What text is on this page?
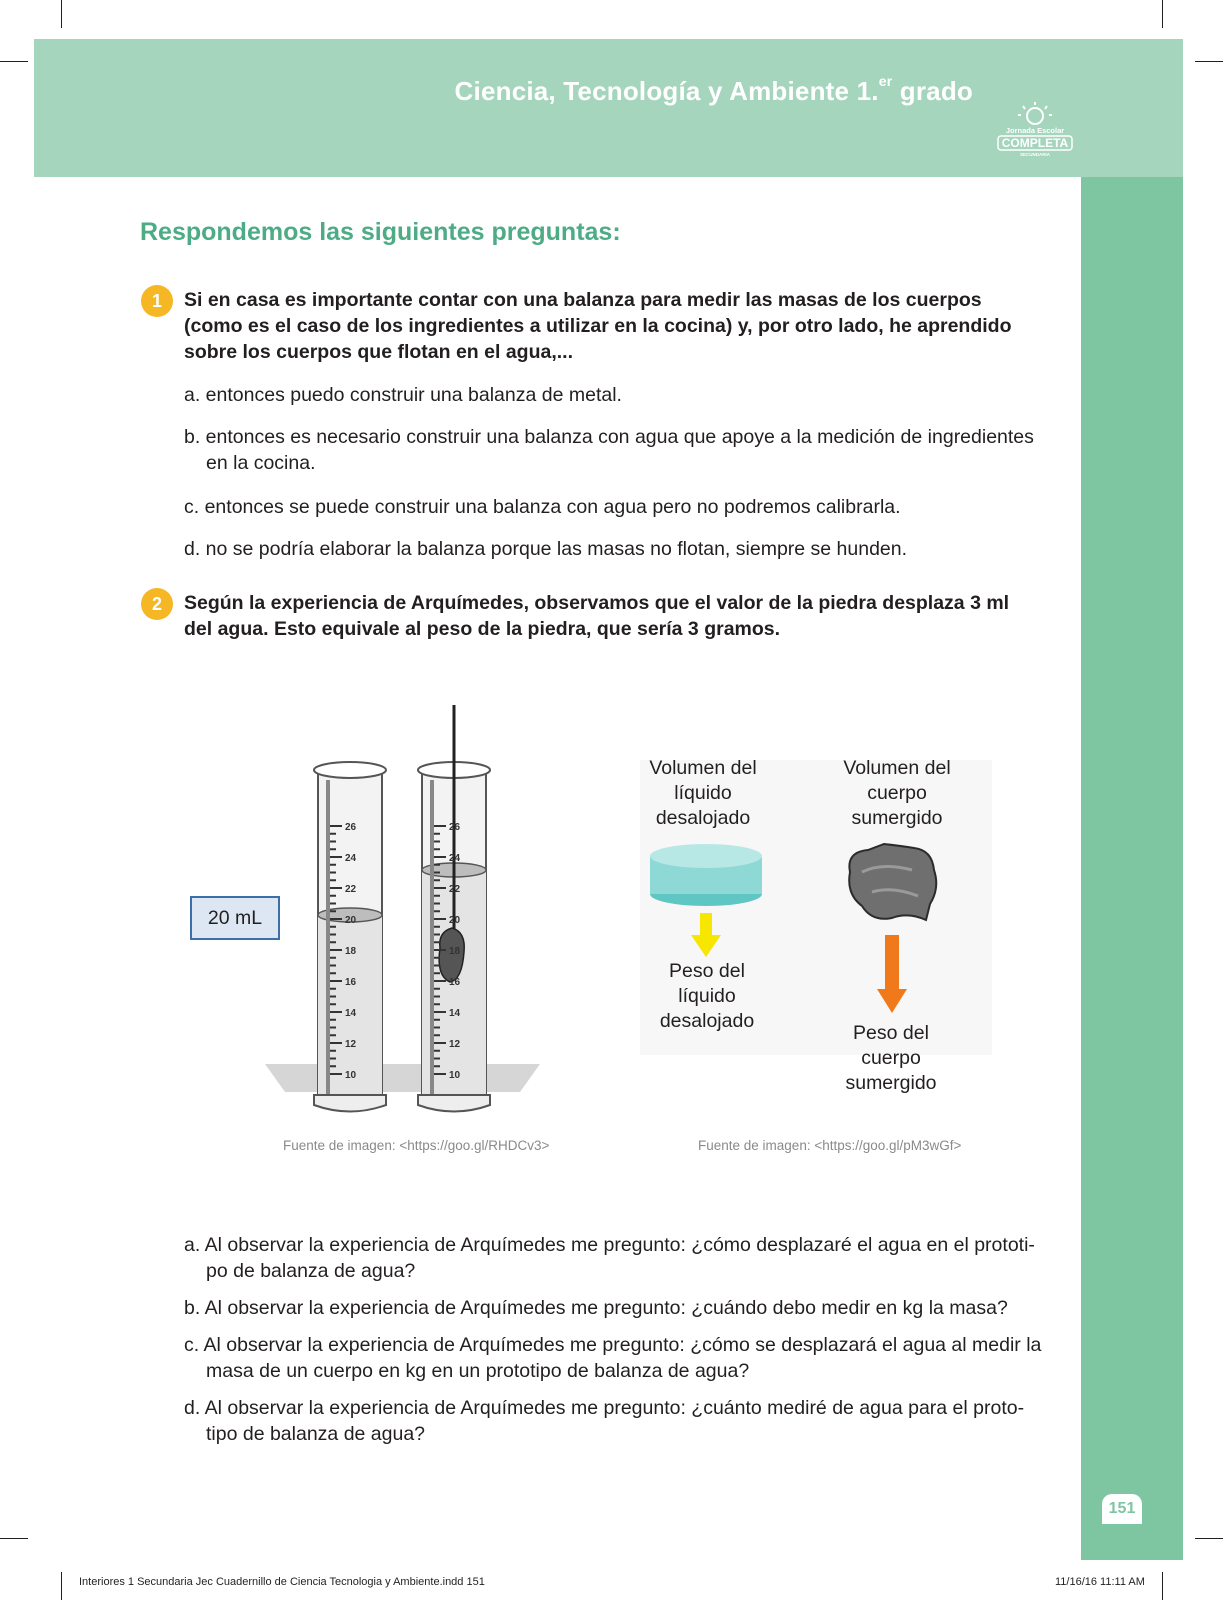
Ciencia, Tecnología y Ambiente 1.$^{er}$ grado
Jornada Escolar
COMPLETA
SECUNDARIA
151
Respondemos las siguientes preguntas:
1	Si en casa es importante contar con una balanza para medir las masas de los cuerpos (como es el caso de los ingredientes a utilizar en la cocina) y, por otro lado, he aprendido sobre los cuerpos que flotan en el agua,...
a. entonces puedo construir una balanza de metal.
b. entonces es necesario construir una balanza con agua que apoye a la medición de ingredientes en la cocina.
c. entonces se puede construir una balanza con agua pero no podremos calibrarla.
d. no se podría elaborar la balanza porque las masas no flotan, siempre se hunden.
2	Según la experiencia de Arquímedes, observamos que el valor de la piedra desplaza 3 ml del agua. Esto equivale al peso de la piedra, que sería 3 gramos.
20 mL
26
24
22
20
18
16
14
12
10
26
24
22
20
18
16
14
12
10
Fuente de imagen: <https://goo.gl/RHDCv3>
Volumen del líquido desalojado
Volumen del cuerpo sumergido
Peso del líquido desalojado
Peso del cuerpo sumergido
Fuente de imagen: <https://goo.gl/pM3wGf>
a. Al observar la experiencia de Arquímedes me pregunto: ¿cómo desplazaré el agua en el prototi-po de balanza de agua?
b. Al observar la experiencia de Arquímedes me pregunto: ¿cuándo debo medir en kg la masa?
c. Al observar la experiencia de Arquímedes me pregunto: ¿cómo se desplazará el agua al medir la masa de un cuerpo en kg en un prototipo de balanza de agua?
d. Al observar la experiencia de Arquímedes me pregunto: ¿cuánto mediré de agua para el proto-tipo de balanza de agua?
Interiores 1 Secundaria Jec Cuadernillo de Ciencia Tecnologia y Ambiente.indd 151	11/16/16 11:11 AM
